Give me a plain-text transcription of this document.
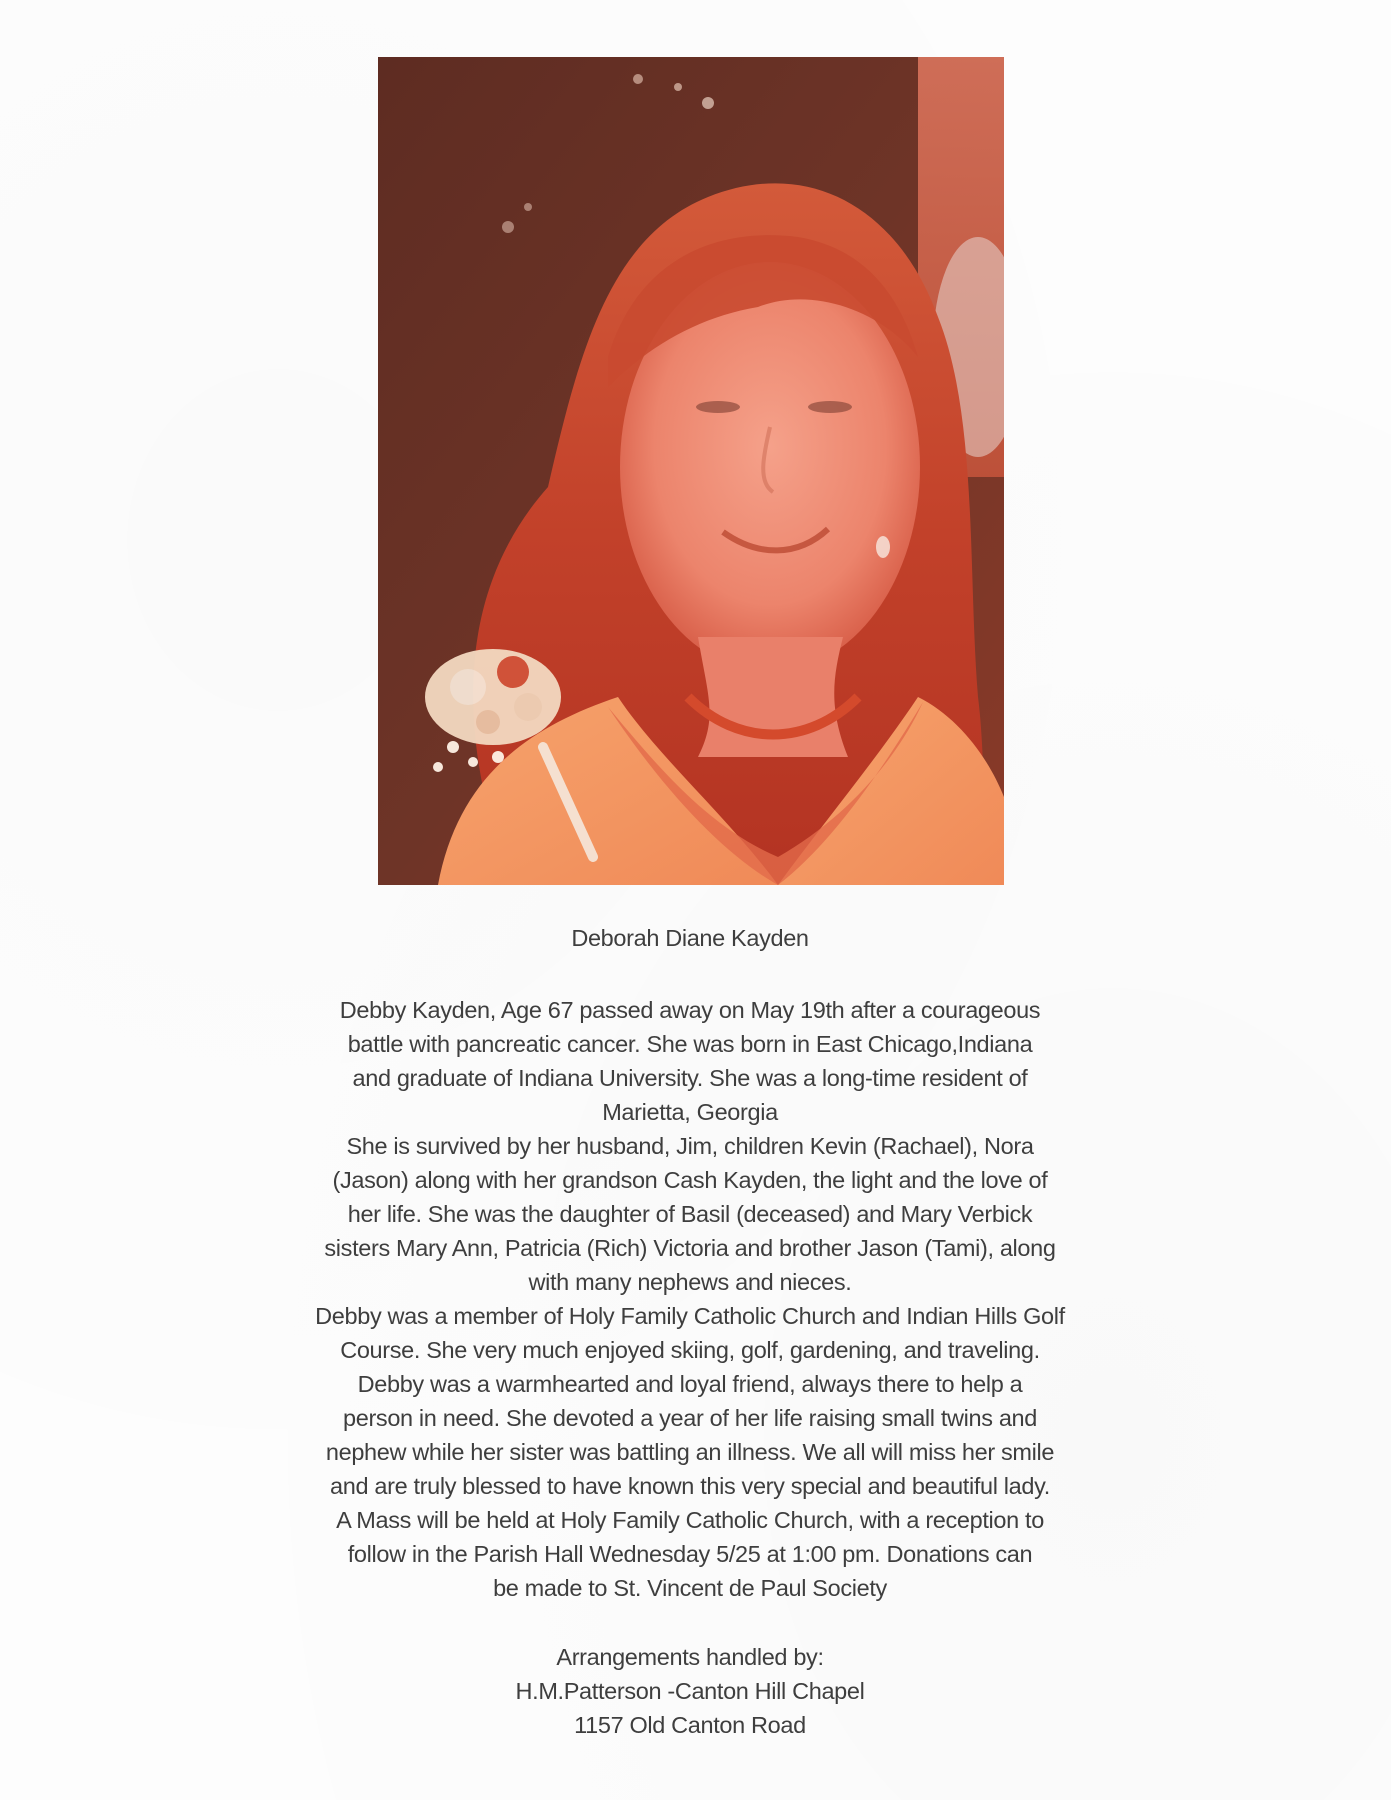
Deborah Diane Kayden
Debby Kayden, Age 67 passed away on May 19th after a courageous
battle with pancreatic cancer. She was born in East Chicago,Indiana
and graduate of Indiana University. She was a long-time resident of
Marietta, Georgia
She is survived by her husband, Jim, children Kevin (Rachael), Nora
(Jason) along with her grandson Cash Kayden, the light and the love of
her life. She was the daughter of Basil (deceased) and Mary Verbick
sisters Mary Ann, Patricia (Rich) Victoria and brother Jason (Tami), along
with many nephews and nieces.
Debby was a member of Holy Family Catholic Church and Indian Hills Golf
Course. She very much enjoyed skiing, golf, gardening, and traveling.
Debby was a warmhearted and loyal friend, always there to help a
person in need. She devoted a year of her life raising small twins and
nephew while her sister was battling an illness. We all will miss her smile
and are truly blessed to have known this very special and beautiful lady.
A Mass will be held at Holy Family Catholic Church, with a reception to
follow in the Parish Hall Wednesday 5/25 at 1:00 pm. Donations can
be made to St. Vincent de Paul Society
Arrangements handled by:
H.M.Patterson -Canton Hill Chapel
1157 Old Canton Road
